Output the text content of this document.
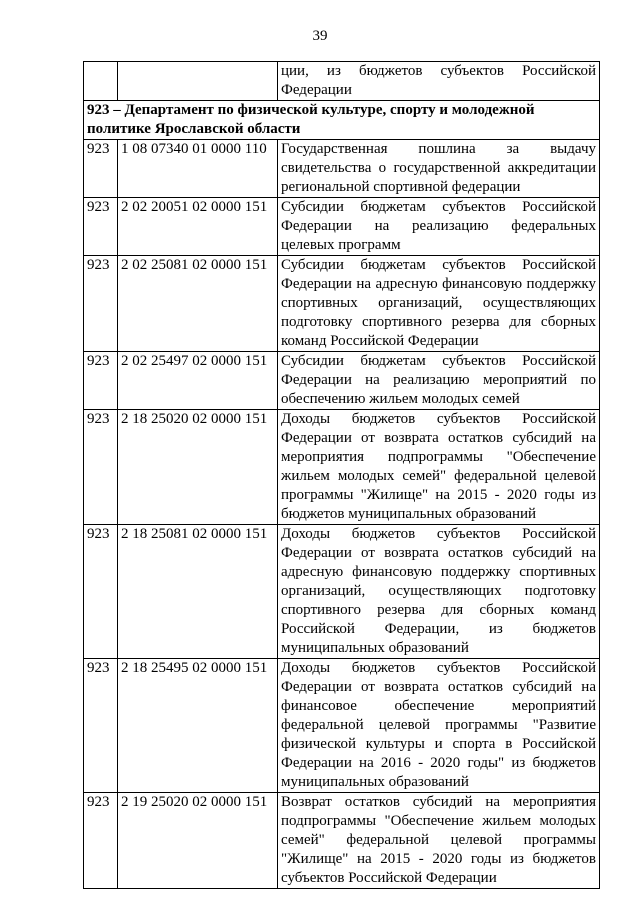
39
		ции, из бюджетов субъектов Российской Федерации
923 – Департамент по физической культуре, спорту и молодежной политике Ярославской области		
923	1 08 07340 01 0000 110	Государственная пошлина за выдачу свидетельства о государственной аккредитации региональной спортивной федерации
923	2 02 20051 02 0000 151	Субсидии бюджетам субъектов Российской Федерации на реализацию федеральных целевых программ
923	2 02 25081 02 0000 151	Субсидии бюджетам субъектов Российской Федерации на адресную финансовую поддержку спортивных организаций, осуществляющих подготовку спортивного резерва для сборных команд Российской Федерации
923	2 02 25497 02 0000 151	Субсидии бюджетам субъектов Российской Федерации на реализацию мероприятий по обеспечению жильем молодых семей
923	2 18 25020 02 0000 151	Доходы бюджетов субъектов Российской Федерации от возврата остатков субсидий на мероприятия подпрограммы "Обеспечение жильем молодых семей" федеральной целевой программы "Жилище" на 2015 - 2020 годы из бюджетов муниципальных образований
923	2 18 25081 02 0000 151	Доходы бюджетов субъектов Российской Федерации от возврата остатков субсидий на адресную финансовую поддержку спортивных организаций, осуществляющих подготовку спортивного резерва для сборных команд Российской Федерации, из бюджетов муниципальных образований
923	2 18 25495 02 0000 151	Доходы бюджетов субъектов Российской Федерации от возврата остатков субсидий на финансовое обеспечение мероприятий федеральной целевой программы "Развитие физической культуры и спорта в Российской Федерации на 2016 - 2020 годы" из бюджетов муниципальных образований
923	2 19 25020 02 0000 151	Возврат остатков субсидий на мероприятия подпрограммы "Обеспечение жильем молодых семей" федеральной целевой программы "Жилище" на 2015 - 2020 годы из бюджетов субъектов Российской Федерации
